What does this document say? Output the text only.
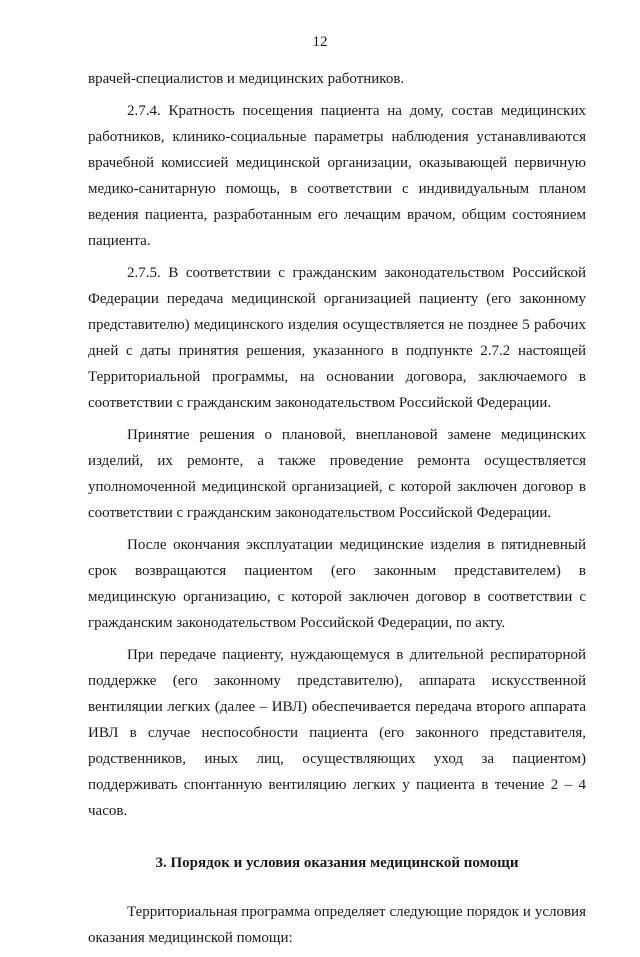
12

врачей-специалистов и медицинских работников.

2.7.4. Кратность посещения пациента на дому, состав медицинских работников, клинико-социальные параметры наблюдения устанавливаются врачебной комиссией медицинской организации, оказывающей первичную медико-санитарную помощь, в соответствии с индивидуальным планом ведения пациента, разработанным его лечащим врачом, общим состоянием пациента.

2.7.5. В соответствии с гражданским законодательством Российской Федерации передача медицинской организацией пациенту (его законному представителю) медицинского изделия осуществляется не позднее 5 рабочих дней с даты принятия решения, указанного в подпункте 2.7.2 настоящей Территориальной программы, на основании договора, заключаемого в соответствии с гражданским законодательством Российской Федерации.

Принятие решения о плановой, внеплановой замене медицинских изделий, их ремонте, а также проведение ремонта осуществляется уполномоченной медицинской организацией, с которой заключен договор в соответствии с гражданским законодательством Российской Федерации.

После окончания эксплуатации медицинские изделия в пятидневный срок возвращаются пациентом (его законным представителем) в медицинскую организацию, с которой заключен договор в соответствии с гражданским законодательством Российской Федерации, по акту.

При передаче пациенту, нуждающемуся в длительной респираторной поддержке (его законному представителю), аппарата искусственной вентиляции легких (далее – ИВЛ) обеспечивается передача второго аппарата ИВЛ в случае неспособности пациента (его законного представителя, родственников, иных лиц, осуществляющих уход за пациентом) поддерживать спонтанную вентиляцию легких у пациента в течение 2 – 4 часов.

3. Порядок и условия оказания медицинской помощи

Территориальная программа определяет следующие порядок и условия оказания медицинской помощи:
